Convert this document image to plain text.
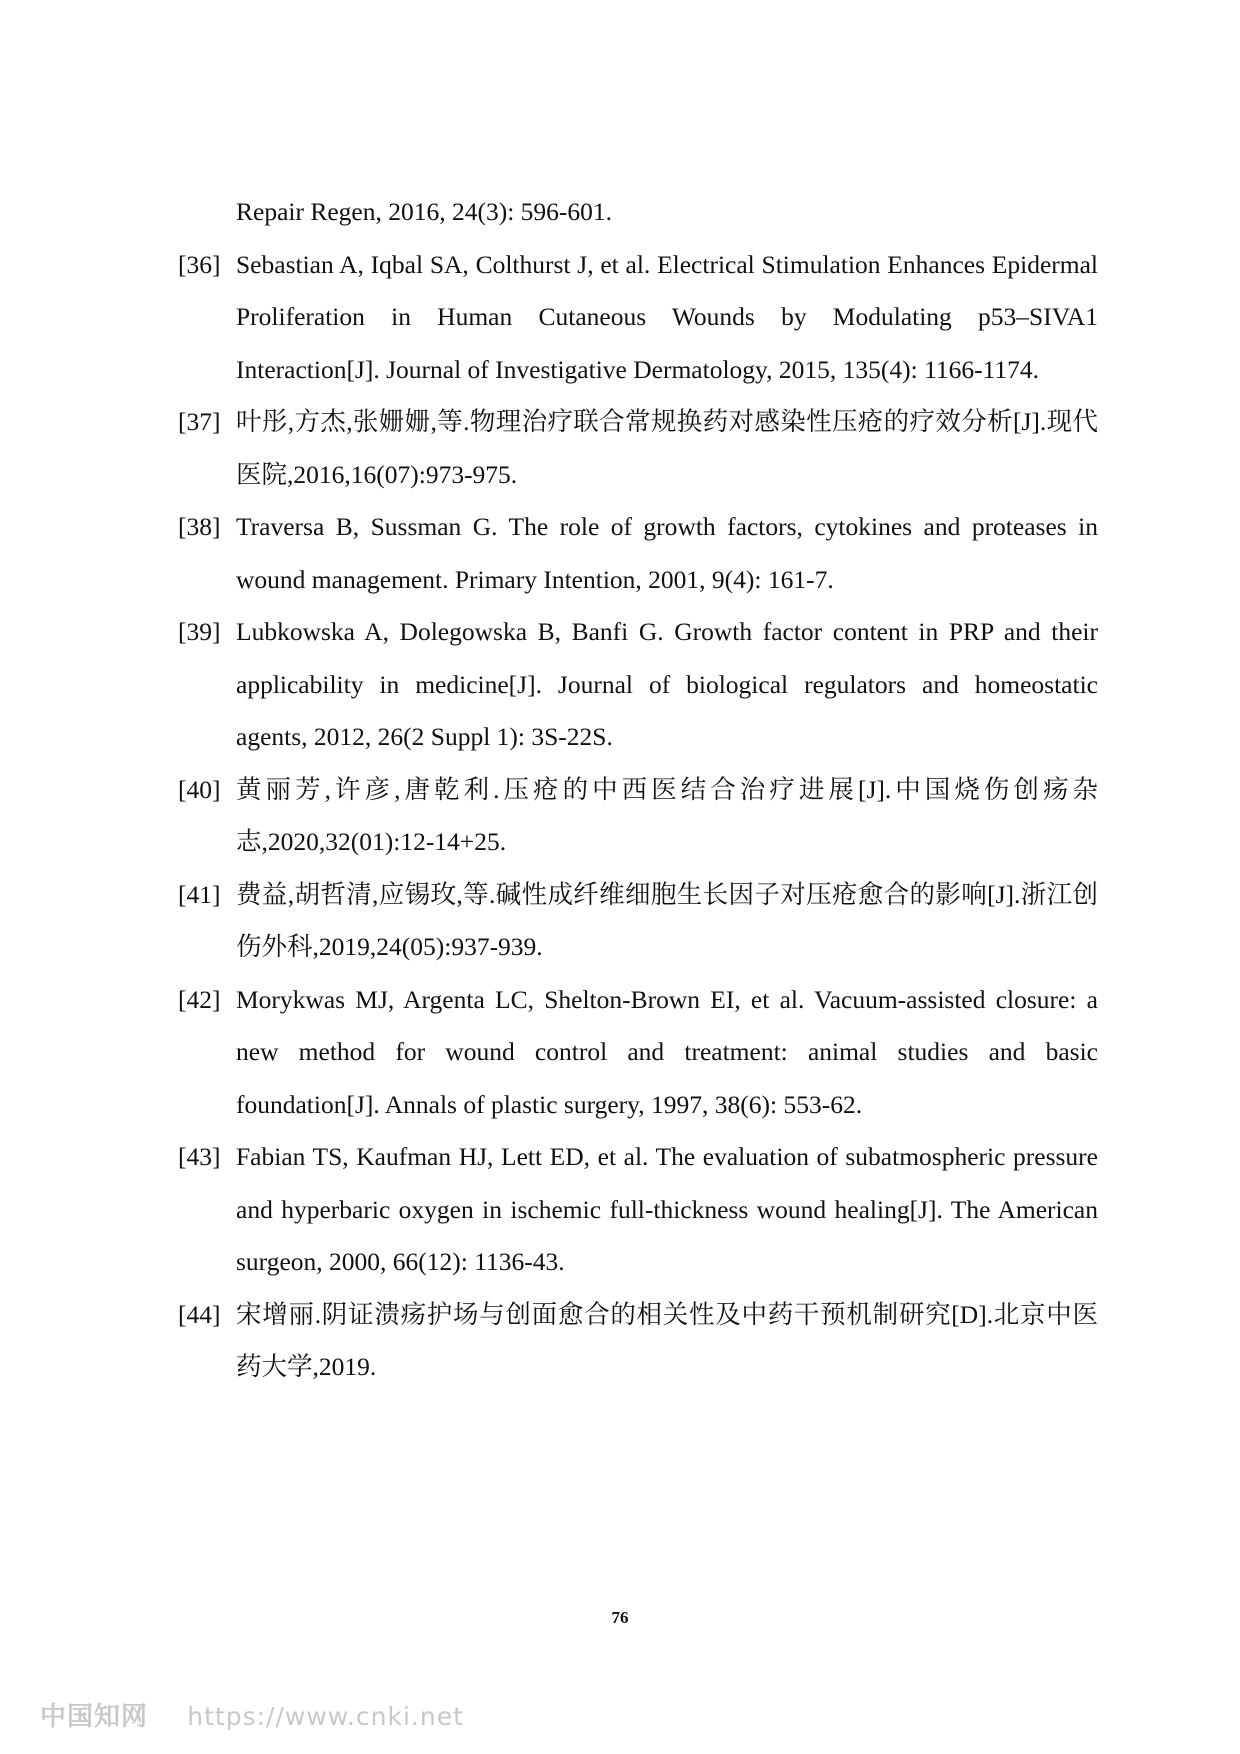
Repair Regen, 2016, 24(3): 596-601.

[36] Sebastian A, Iqbal SA, Colthurst J, et al. Electrical Stimulation Enhances Epidermal Proliferation in Human Cutaneous Wounds by Modulating p53–SIVA1 Interaction[J]. Journal of Investigative Dermatology, 2015, 135(4): 1166-1174.

[37] 叶彤,方杰,张姗姗,等.物理治疗联合常规换药对感染性压疮的疗效分析[J].现代医院,2016,16(07):973-975.

[38] Traversa B, Sussman G. The role of growth factors, cytokines and proteases in wound management. Primary Intention, 2001, 9(4): 161-7.

[39] Lubkowska A, Dolegowska B, Banfi G. Growth factor content in PRP and their applicability in medicine[J]. Journal of biological regulators and homeostatic agents, 2012, 26(2 Suppl 1): 3S-22S.

[40] 黄丽芳,许彦,唐乾利.压疮的中西医结合治疗进展[J].中国烧伤创疡杂志,2020,32(01):12-14+25.

[41] 费益,胡哲清,应锡玫,等.碱性成纤维细胞生长因子对压疮愈合的影响[J].浙江创伤外科,2019,24(05):937-939.

[42] Morykwas MJ, Argenta LC, Shelton-Brown EI, et al. Vacuum-assisted closure: a new method for wound control and treatment: animal studies and basic foundation[J]. Annals of plastic surgery, 1997, 38(6): 553-62.

[43] Fabian TS, Kaufman HJ, Lett ED, et al. The evaluation of subatmospheric pressure and hyperbaric oxygen in ischemic full-thickness wound healing[J]. The American surgeon, 2000, 66(12): 1136-43.

[44] 宋增丽.阴证溃疡护场与创面愈合的相关性及中药干预机制研究[D].北京中医药大学,2019.

76
中国知网 https://www.cnki.net
